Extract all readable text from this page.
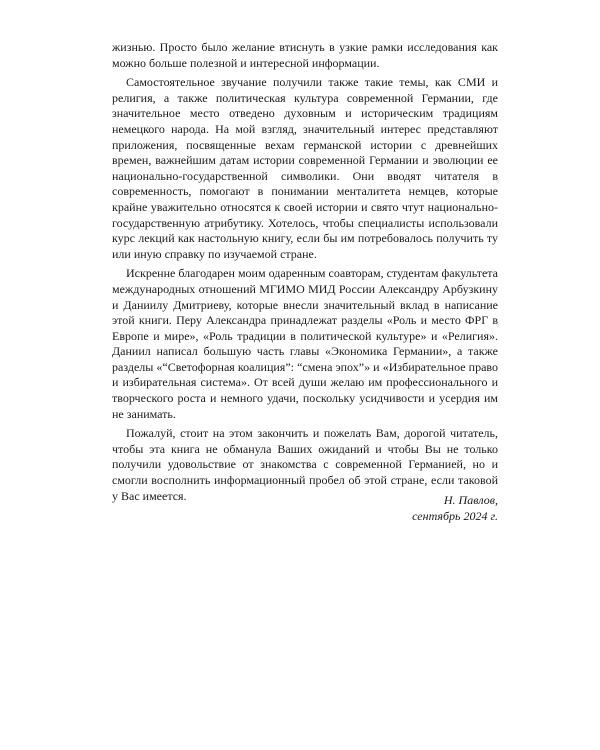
жизнью. Просто было желание втиснуть в узкие рамки исследования как можно больше полезной и интересной информации.

Самостоятельное звучание получили также такие темы, как СМИ и религия, а также политическая культура современной Германии, где значительное место отведено духовным и историческим традициям немецкого народа. На мой взгляд, значительный интерес представляют приложения, посвященные вехам германской истории с древнейших времен, важнейшим датам истории современной Германии и эволюции ее национально-государственной символики. Они вводят читателя в современность, помогают в понимании менталитета немцев, которые крайне уважительно относятся к своей истории и свято чтут национально-государственную атрибутику. Хотелось, чтобы специалисты использовали курс лекций как настольную книгу, если бы им потребовалось получить ту или иную справку по изучаемой стране.

Искренне благодарен моим одаренным соавторам, студентам факультета международных отношений МГИМО МИД России Александру Арбузкину и Даниилу Дмитриеву, которые внесли значительный вклад в написание этой книги. Перу Александра принадлежат разделы «Роль и место ФРГ в Европе и мире», «Роль традиции в политической культуре» и «Религия». Даниил написал большую часть главы «Экономика Германии», а также разделы «“Светофорная коалиция”: “смена эпох”» и «Избирательное право и избирательная система». От всей души желаю им профессионального и творческого роста и немного удачи, поскольку усидчивости и усердия им не занимать.

Пожалуй, стоит на этом закончить и пожелать Вам, дорогой читатель, чтобы эта книга не обманула Ваших ожиданий и чтобы Вы не только получили удовольствие от знакомства с современной Германией, но и смогли восполнить информационный пробел об этой стране, если таковой у Вас имеется.	Н. Павлов,
сентябрь 2024 г.
